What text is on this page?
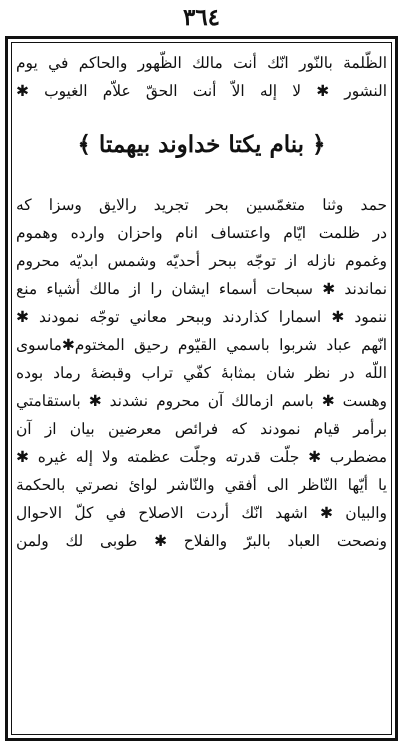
٣٦٤
الظّلمة بالنّور انّك أنت مالك الظّهور والحاكم في يوم
النشور ✱ لا إله الاّ أنت الحقّ علاّم الغيوب ✱
﴿ بنام یکتا خداوند بیهمتا ﴾
حمد وثنا متغمّسين بحر تجريد رالايق وسزا كه
در ظلمت ايّام واعتساف انام واحزان وارده وهموم
وغموم نازله از توجّه ببحر أحديّه وشمس ابديّه محروم
نماندند ✱ سبحات أسماء ايشان را از مالك أشياء منع
ننمود ✱ اسمارا كذاردند وببحر معاني توجّه نمودند ✱
انّهم عباد شربوا باسمي القيّوم رحيق المختوم✱ماسوى
اللّه در نظر شان بمثابهٔ كفّي تراب وقبضهٔ رماد بوده
وهست ✱ باسم ازمالك آن محروم نشدند ✱ باستقامتي
برأمر قيام نمودند كه فرائص معرضين بيان از آن
مضطرب ✱ جلّت قدرته وجلّت عظمته ولا إله غيره ✱
يا أيّها النّاظر الى أفقي والنّاشر لوائ نصرتي بالحكمة
والبيان ✱ اشهد انّك أردت الاصلاح في كلّ الاحوال
ونصحت العباد بالبرّ والفلاح ✱ طوبى لك ولمن
